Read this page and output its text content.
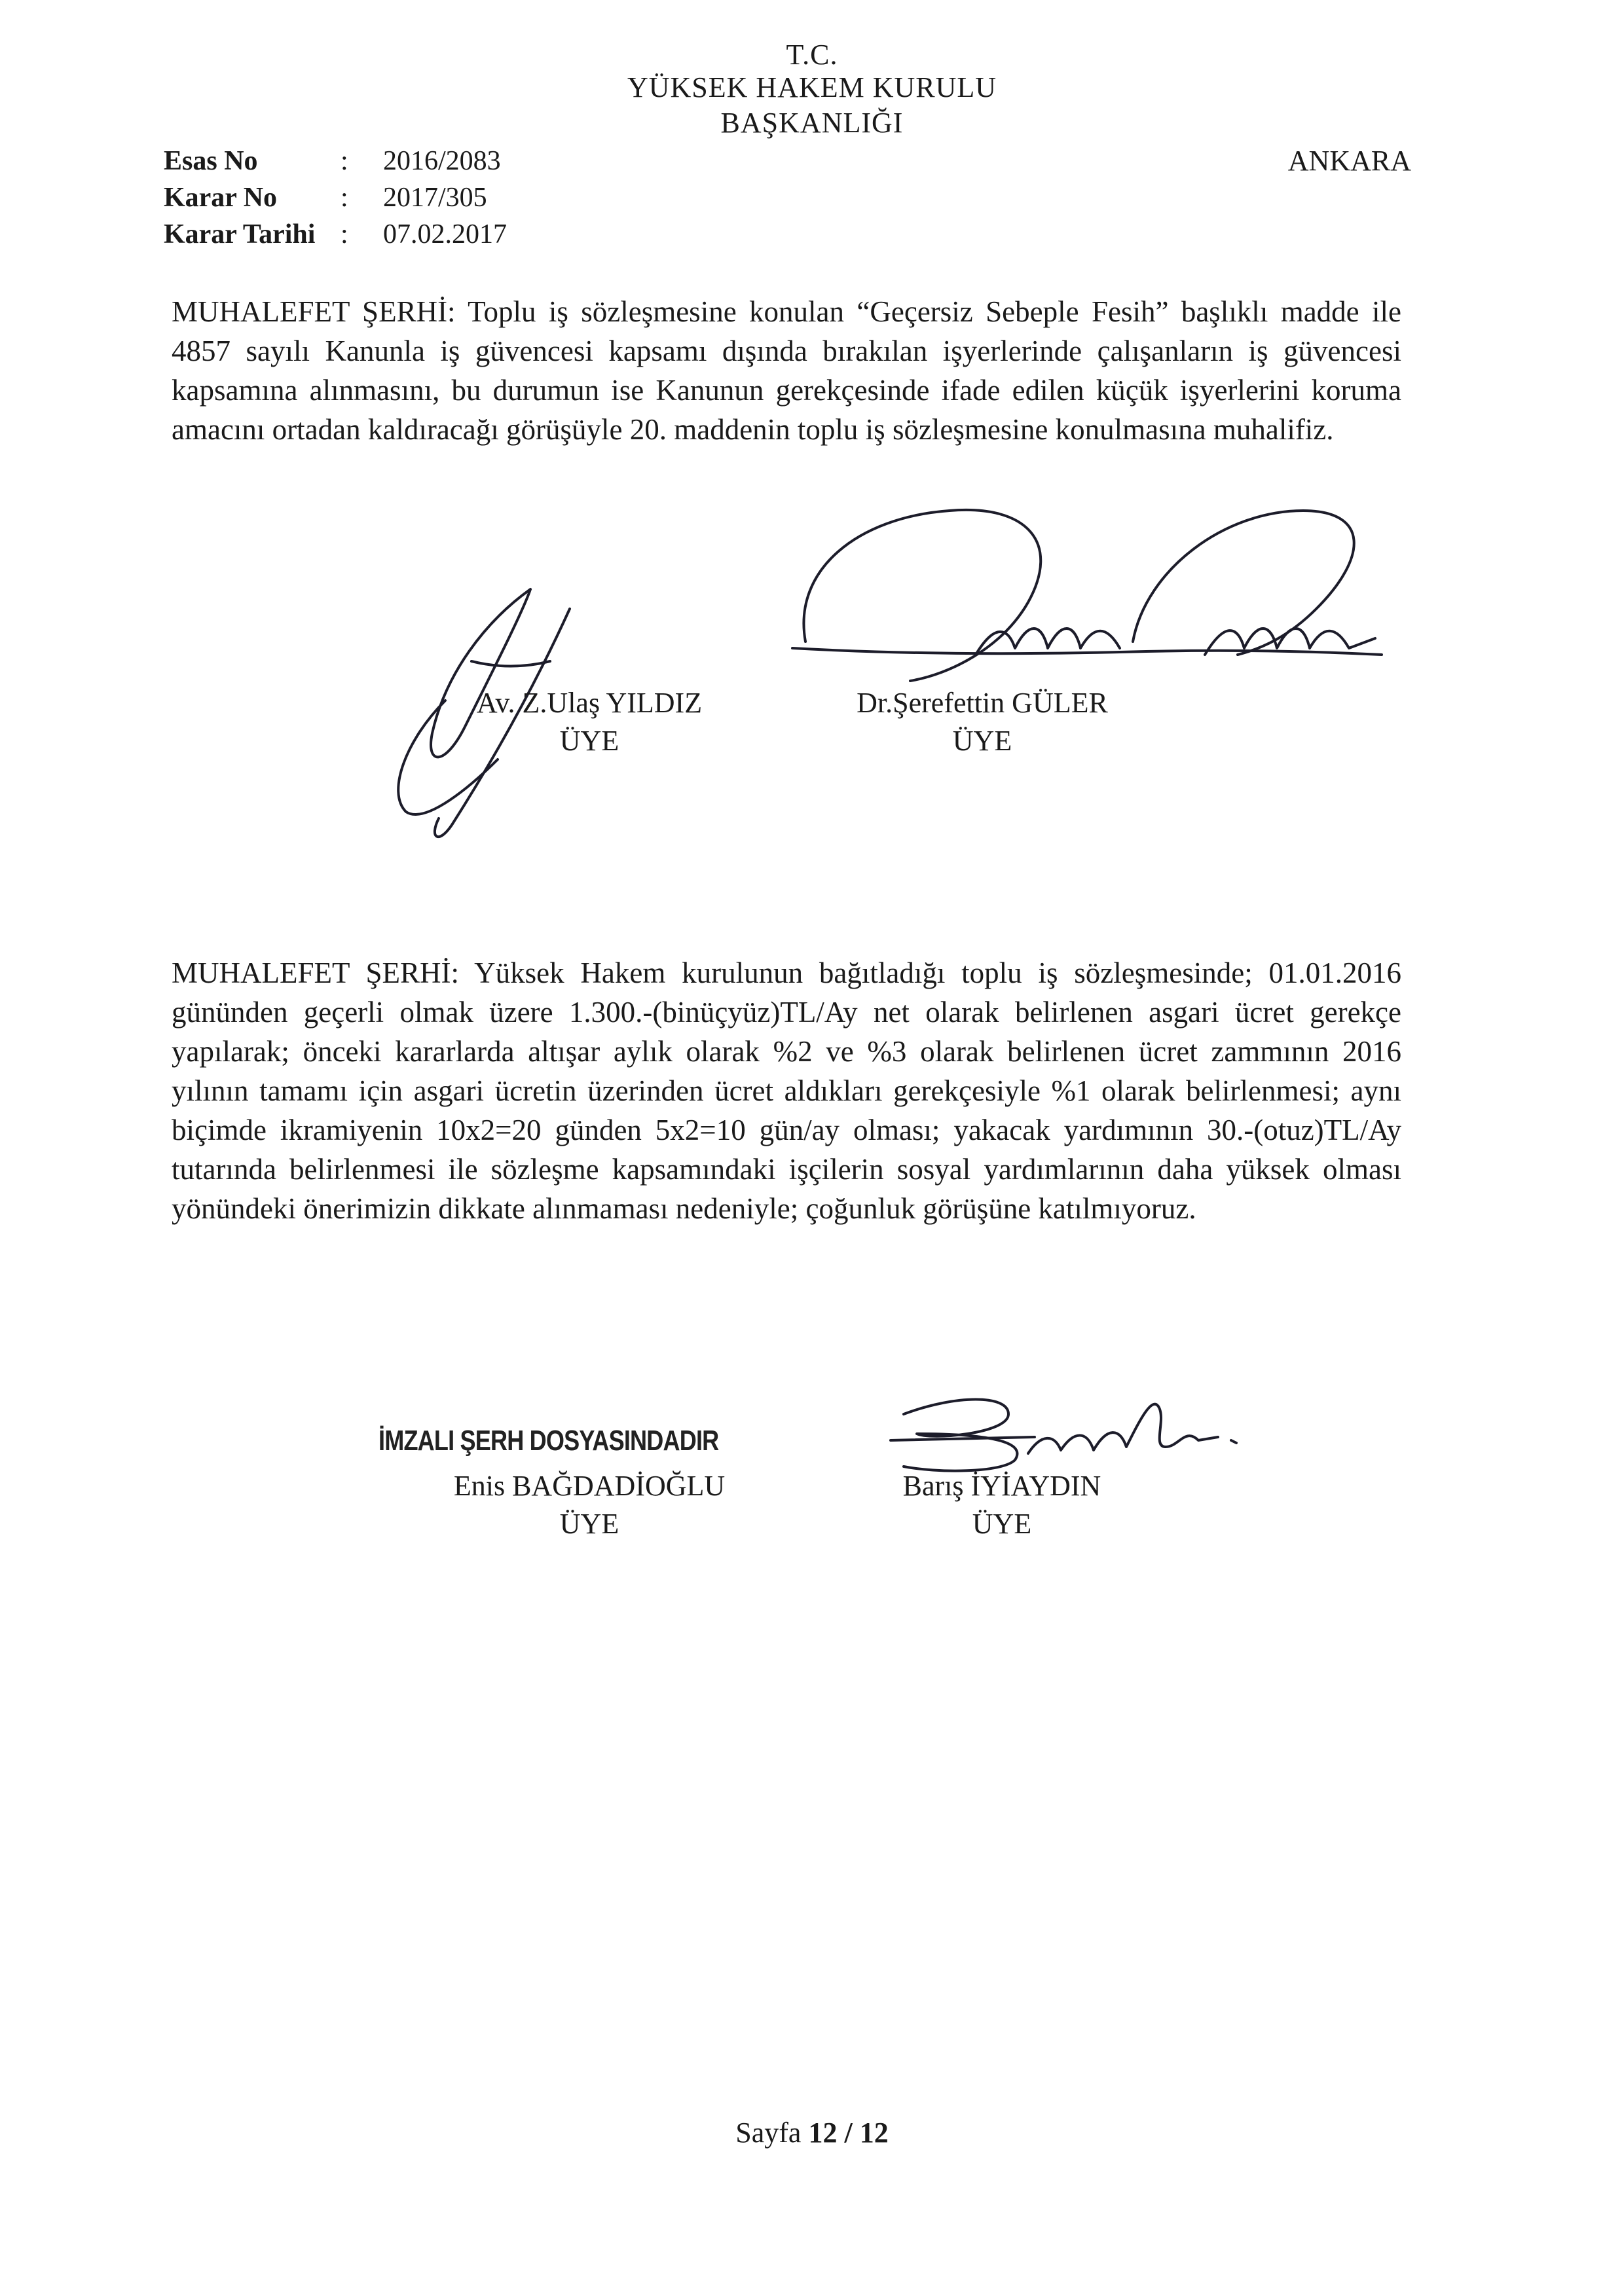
T.C.
YÜKSEK HAKEM KURULU
BAŞKANLIĞI
ANKARA
Esas No	: 2016/2083
Karar No : 2017/305
Karar Tarihi : 07.02.2017
MUHALEFET ŞERHİ: Toplu iş sözleşmesine konulan “Geçersiz Sebeple Fesih” başlıklı madde ile 4857 sayılı Kanunla iş güvencesi kapsamı dışında bırakılan işyerlerinde çalışanların iş güvencesi kapsamına alınmasını, bu durumun ise Kanunun gerekçesinde ifade edilen küçük işyerlerini koruma amacını ortadan kaldıracağı görüşüyle 20. maddenin toplu iş sözleşmesine konulmasına muhalifiz.
Av. Z.Ulaş YILDIZ
ÜYE
Dr.Şerefettin GÜLER
ÜYE
MUHALEFET ŞERHİ: Yüksek Hakem kurulunun bağıtladığı toplu iş sözleşmesinde; 01.01.2016 gününden geçerli olmak üzere 1.300.-(binüçyüz)TL/Ay net olarak belirlenen asgari ücret gerekçe yapılarak; önceki kararlarda altışar aylık olarak %2 ve %3 olarak belirlenen ücret zammının 2016 yılının tamamı için asgari ücretin üzerinden ücret aldıkları gerekçesiyle %1 olarak belirlenmesi; aynı biçimde ikramiyenin 10x2=20 günden 5x2=10 gün/ay olması; yakacak yardımının 30.-(otuz)TL/Ay tutarında belirlenmesi ile sözleşme kapsamındaki işçilerin sosyal yardımlarının daha yüksek olması yönündeki önerimizin dikkate alınmaması nedeniyle; çoğunluk görüşüne katılmıyoruz.
İMZALI ŞERH DOSYASINDADIR
Enis BAĞDADİOĞLU
ÜYE
Barış İYİAYDIN
ÜYE
Sayfa 12 / 12
